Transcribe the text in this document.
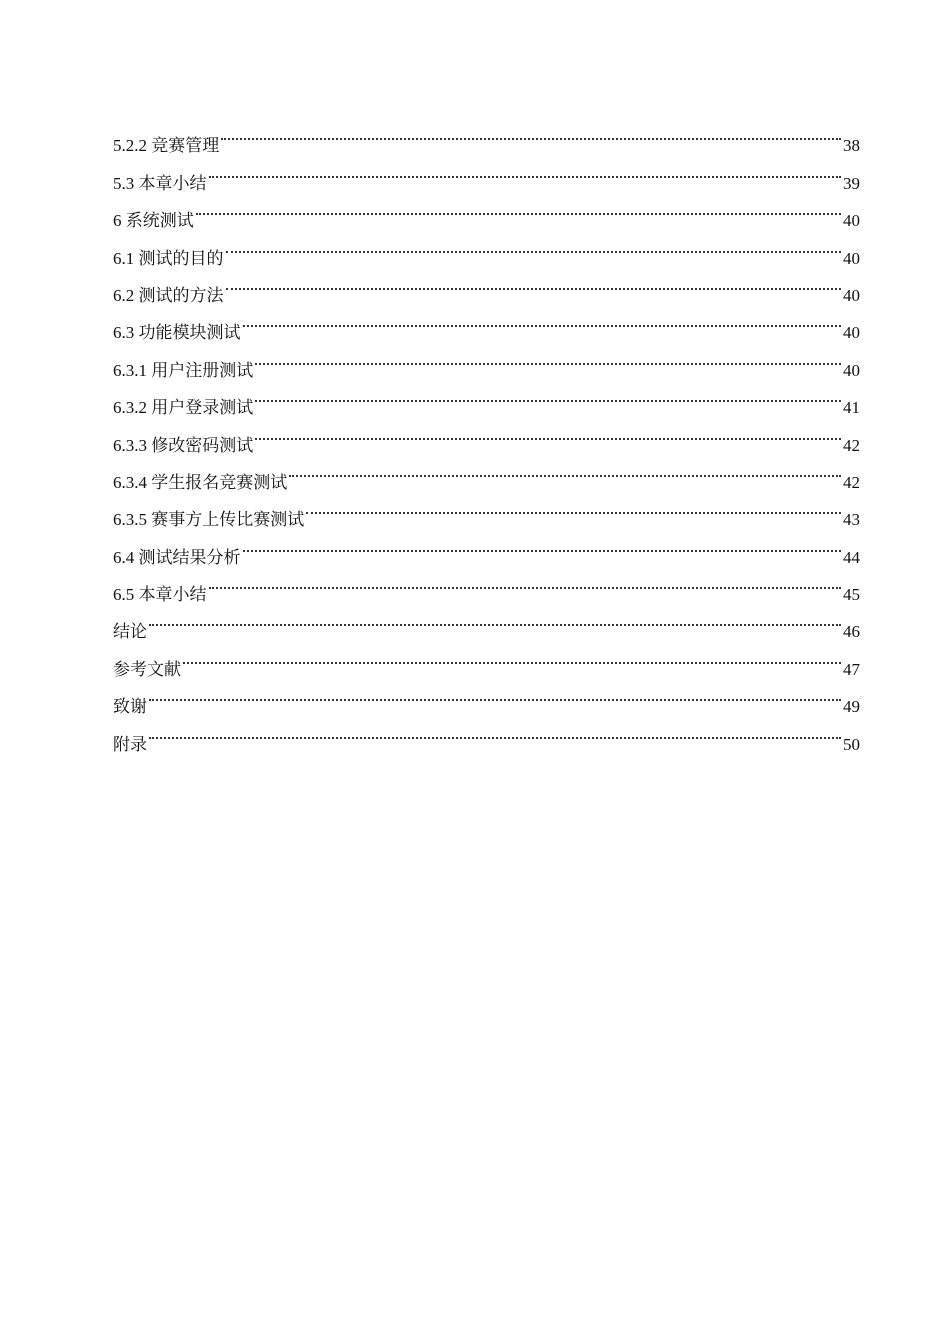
5.2.2 竞赛管理	38
5.3 本章小结	39
6 系统测试	40
6.1 测试的目的	40
6.2 测试的方法	40
6.3 功能模块测试	40
6.3.1 用户注册测试	40
6.3.2 用户登录测试	41
6.3.3 修改密码测试	42
6.3.4 学生报名竞赛测试	42
6.3.5 赛事方上传比赛测试	43
6.4 测试结果分析	44
6.5 本章小结	45
结论	46
参考文献	47
致谢	49
附录	50
